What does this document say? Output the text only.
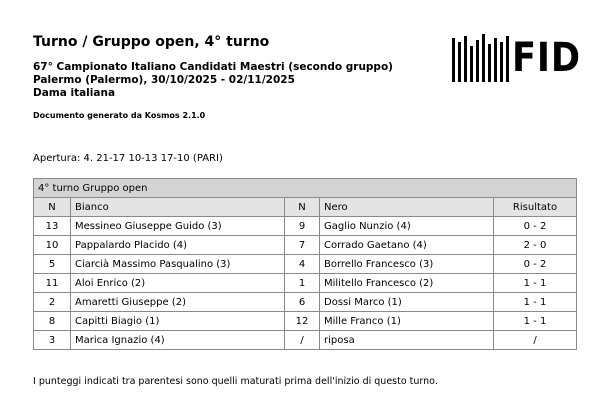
Turno / Gruppo open, 4° turno
67° Campionato Italiano Candidati Maestri (secondo gruppo)
Palermo (Palermo), 30/10/2025 - 02/11/2025
Dama italiana
Documento generato da Kosmos 2.1.0
FID
Apertura: 4. 21-17 10-13 17-10 (PARI)
4° turno Gruppo open				
N	Bianco	N	Nero	Risultato
13	Messineo Giuseppe Guido (3)	9	Gaglio Nunzio (4)	0 - 2
10	Pappalardo Placido (4)	7	Corrado Gaetano (4)	2 - 0
5	Ciarcià Massimo Pasqualino (3)	4	Borrello Francesco (3)	0 - 2
11	Aloi Enrico (2)	1	Militello Francesco (2)	1 - 1
2	Amaretti Giuseppe (2)	6	Dossi Marco (1)	1 - 1
8	Capitti Biagio (1)	12	Mille Franco (1)	1 - 1
3	Marica Ignazio (4)	/	riposa	/
I punteggi indicati tra parentesi sono quelli maturati prima dell'inizio di questo turno.
